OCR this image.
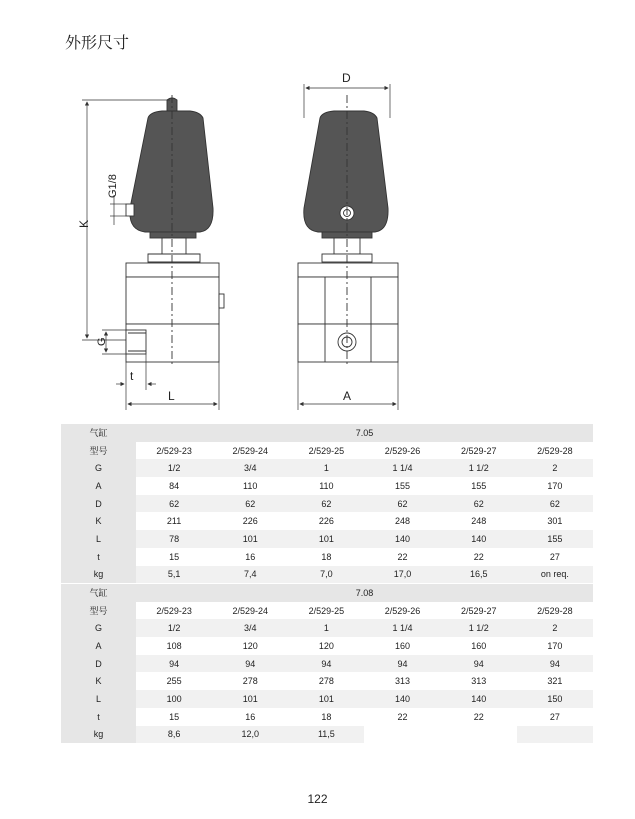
外形尺寸
D
K
G1/8
G
t
L	A
气缸	7.05					
型号	2/529-23	2/529-24	2/529-25	2/529-26	2/529-27	2/529-28
G	1/2	3/4	1	1 1/4	1 1/2	2
A	84	110	110	155	155	170
D	62	62	62	62	62	62
K	211	226	226	248	248	301
L	78	101	101	140	140	155
t	15	16	18	22	22	27
kg	5,1	7,4	7,0	17,0	16,5	on req.
气缸	7.08					
型号	2/529-23	2/529-24	2/529-25	2/529-26	2/529-27	2/529-28
G	1/2	3/4	1	1 1/4	1 1/2	2
A	108	120	120	160	160	170
D	94	94	94	94	94	94
K	255	278	278	313	313	321
L	100	101	101	140	140	150
t	15	16	18	22	22	27
kg	8,6	12,0	11,5			
122
